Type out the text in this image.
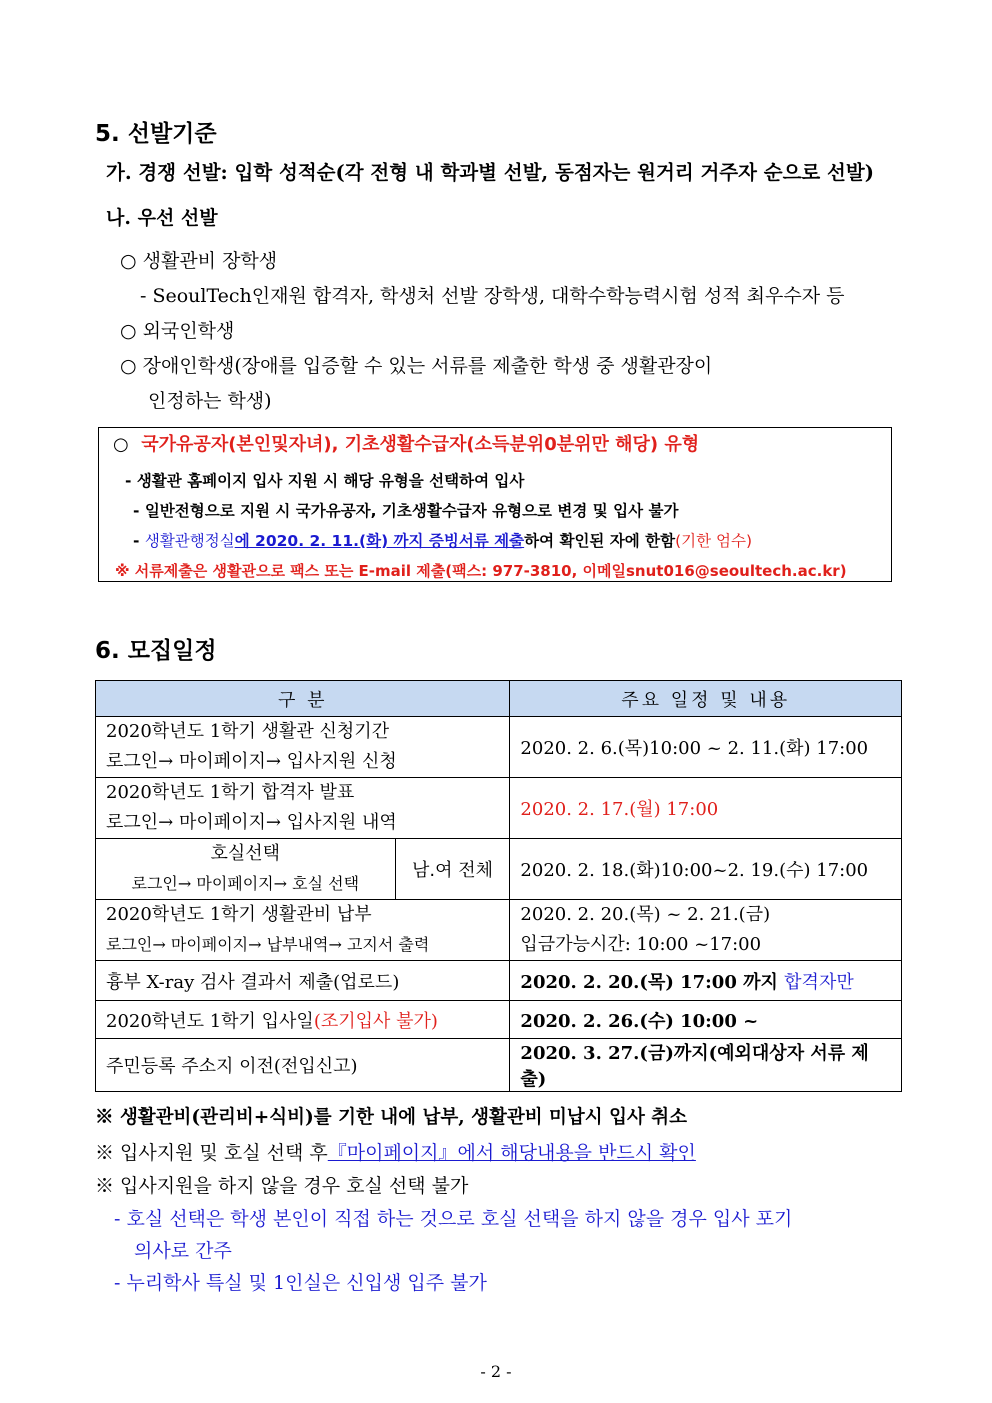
5. 선발기준
가. 경쟁 선발: 입학 성적순(각 전형 내 학과별 선발, 동점자는 원거리 거주자 순으로 선발)
나. 우선 선발
○ 생활관비 장학생
- SeoulTech인재원 합격자, 학생처 선발 장학생, 대학수학능력시험 성적 최우수자 등
○ 외국인학생
○ 장애인학생(장애를 입증할 수 있는 서류를 제출한 학생 중 생활관장이
인정하는 학생)
○ 국가유공자(본인및자녀), 기초생활수급자(소득분위0분위만 해당) 유형
- 생활관 홈페이지 입사 지원 시 해당 유형을 선택하여 입사
- 일반전형으로 지원 시 국가유공자, 기초생활수급자 유형으로 변경 및 입사 불가
- 생활관행정실에 2020. 2. 11.(화) 까지 증빙서류 제출하여 확인된 자에 한함(기한 엄수)
※ 서류제출은 생활관으로 팩스 또는 E-mail 제출(팩스: 977-3810, 이메일snut016@seoultech.ac.kr)
6. 모집일정
구 분		주요 일정 및 내용

2020학년도 1학기 생활관 신청기간
로그인→ 마이페이지→ 입사지원 신청		2020. 2. 6.(목)10:00 ~ 2. 11.(화) 17:00

2020학년도 1학기 합격자 발표
로그인→ 마이페이지→ 입사지원 내역		2020. 2. 17.(월) 17:00

호실선택
로그인→ 마이페이지→ 호실 선택	남.여 전체	2020. 2. 18.(화)10:00~2. 19.(수) 17:00

2020학년도 1학기 생활관비 납부
로그인→ 마이페이지→ 납부내역→ 고지서 출력		2020. 2. 20.(목) ~ 2. 21.(금)
입금가능시간: 10:00 ~17:00

흉부 X-ray 검사 결과서 제출(업로드)		2020. 2. 20.(목) 17:00 까지 합격자만
2020학년도 1학기 입사일(조기입사 불가)		2020. 2. 26.(수) 10:00 ~
주민등록 주소지 이전(전입신고)		2020. 3. 27.(금)까지(예외대상자 서류 제출)
※ 생활관비(관리비+식비)를 기한 내에 납부, 생활관비 미납시 입사 취소
※ 입사지원 및 호실 선택 후『마이페이지』에서 해당내용을 반드시 확인
※ 입사지원을 하지 않을 경우 호실 선택 불가
- 호실 선택은 학생 본인이 직접 하는 것으로 호실 선택을 하지 않을 경우 입사 포기
의사로 간주
- 누리학사 특실 및 1인실은 신입생 입주 불가
- 2 -
